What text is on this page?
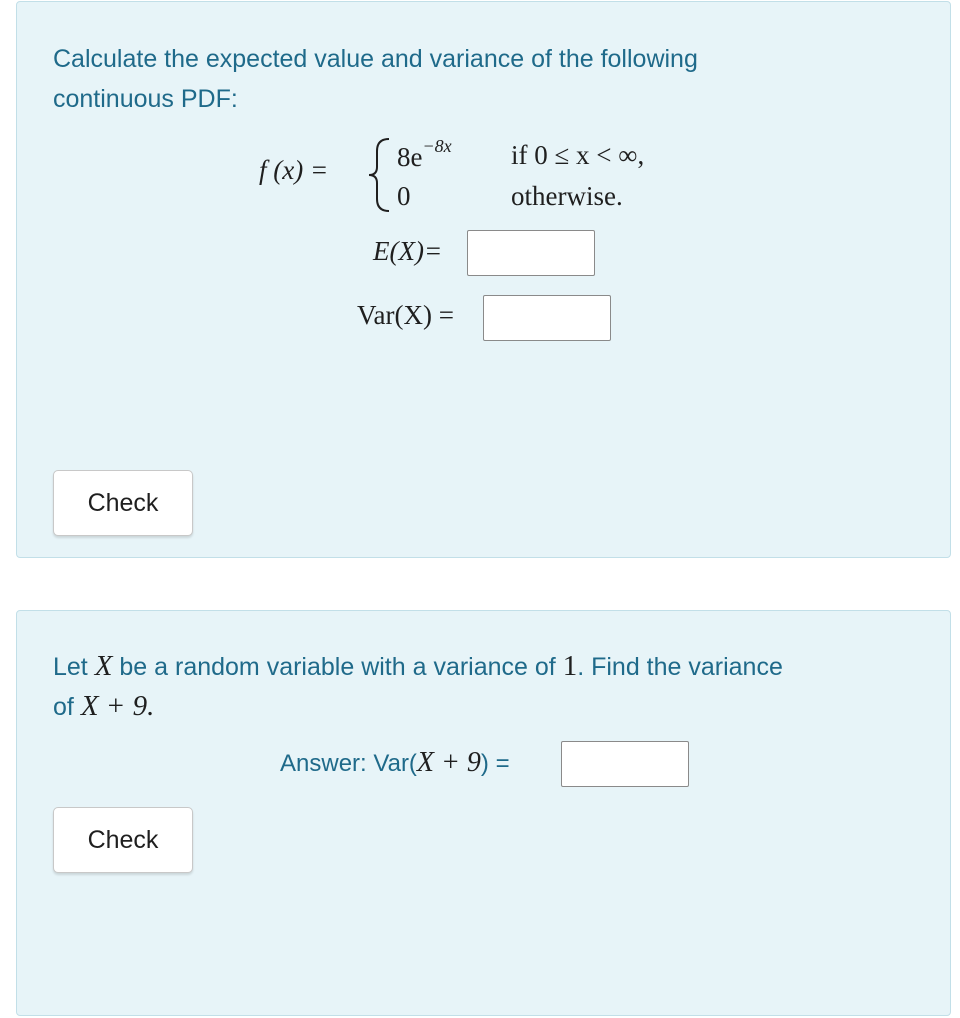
Calculate the expected value and variance of the following
continuous PDF:
f (x) =	$8e^{-8x}$ if 0 ≤ x < ∞,
0	otherwise.
E(X)=
Var(X) =
Check
Let X be a random variable with a variance of 1. Find the variance
of X + 9.
Answer: Var(X + 9) =
Check
